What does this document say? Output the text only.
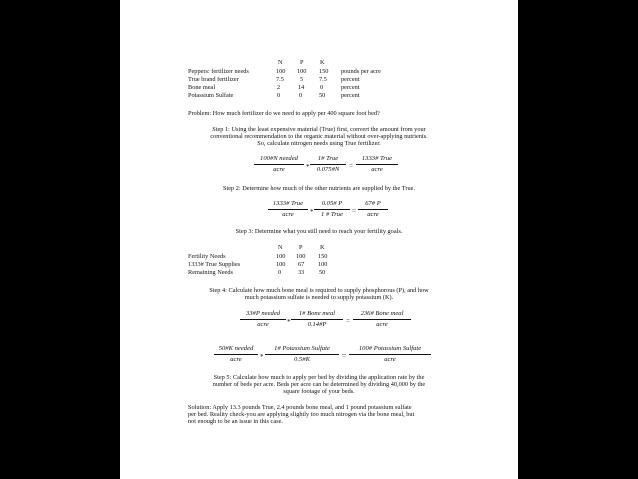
N	P	K
Peppers: fertilizer needs	100 100 150 pounds per acre
True brand fertilizer	7.5	5	7.5 percent
Bone meal	2	14 0	percent
Potassium Sulfate	0	0	50 percent
Problem: How much fertilizer do we need to apply per 400 square foot bed?
Step 1: Using the least expensive material (True) first, convert the amount from your
conventional recommendation to the organic material without over-applying nutrients.
So, calculate nitrogen needs using True fertilizer.
100#N needed
acre	*
1# True
0.075#N	=
1333# True
acre
Step 2: Determine how much of the other nutrients are supplied by the True.
1333# True
acre	*
0.05# P
1 # True	=
67# P
acre
Step 3: Determine what you still need to reach your fertility goals.
N	P	K
Fertility Needs	100 100 150
1333# True Supplies	100 67 100
Remaining Needs	0	33 50
Step 4: Calculate how much bone meal is required to supply phosphorous (P), and how
much potassium sulfate is needed to supply potassium (K).
33#P needed
acre	*
1# Bone meal
0.14#P	=
236# Bone meal
acre
50#K needed
acre	*
1# Potassium Sulfate
0.5#K	=
100# Potassium Sulfate
acre
Step 5: Calculate how much to apply per bed by dividing the application rate by the
number of beds per acre. Beds per acre can be determined by dividing 40,000 by the
square footage of your beds.
Solution: Apply 13.3 pounds True, 2.4 pounds bone meal, and 1 pound potassium sulfate
per bed. Reality check-you are applying slightly too much nitrogen via the bone meal, but
not enough to be an issue in this case.
